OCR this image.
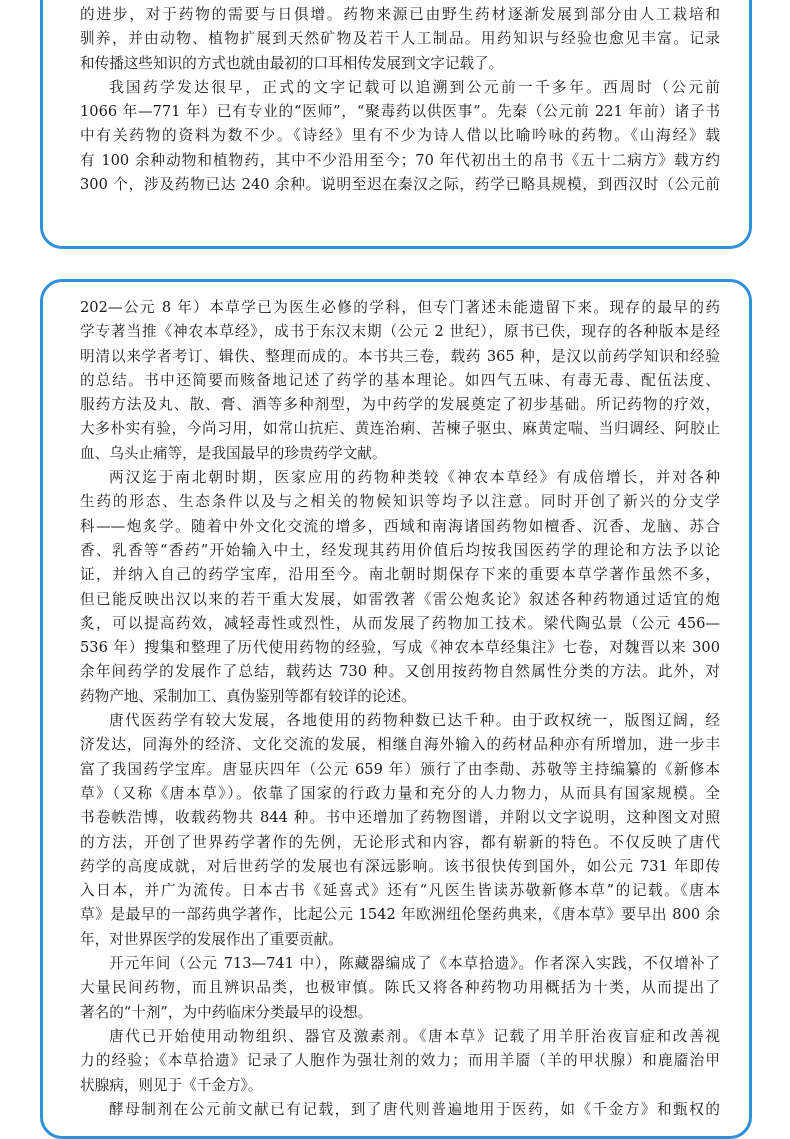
的进步，对于药物的需要与日俱增。药物来源已由野生药材逐渐发展到部分由人工栽培和
驯养，并由动物、植物扩展到天然矿物及若干人工制品。用药知识与经验也愈见丰富。记录
和传播这些知识的方式也就由最初的口耳相传发展到文字记载了。
我国药学发达很早，正式的文字记载可以追溯到公元前一千多年。西周时（公元前
1066 年—771 年）已有专业的“医师”，“聚毒药以供医事”。先秦（公元前 221 年前）诸子书
中有关药物的资料为数不少。《诗经》里有不少为诗人借以比喻吟咏的药物。《山海经》载
有 100 余种动物和植物药，其中不少沿用至今；70 年代初出土的帛书《五十二病方》载方约
300 个，涉及药物已达 240 余种。说明至迟在秦汉之际，药学已略具规模，到西汉时（公元前
202—公元 8 年）本草学已为医生必修的学科，但专门著述未能遗留下来。现存的最早的药
学专著当推《神农本草经》，成书于东汉末期（公元 2 世纪），原书已佚，现存的各种版本是经
明清以来学者考订、辑佚、整理而成的。本书共三卷，载药 365 种，是汉以前药学知识和经验
的总结。书中还简要而赅备地记述了药学的基本理论。如四气五味、有毒无毒、配伍法度、
服药方法及丸、散、膏、酒等多种剂型，为中药学的发展奠定了初步基础。所记药物的疗效，
大多朴实有验，今尚习用，如常山抗疟、黄连治痢、苦楝子驱虫、麻黄定喘、当归调经、阿胶止
血、乌头止痛等，是我国最早的珍贵药学文献。
两汉迄于南北朝时期，医家应用的药物种类较《神农本草经》有成倍增长，并对各种
生药的形态、生态条件以及与之相关的物候知识等均予以注意。同时开创了新兴的分支学
科——炮炙学。随着中外文化交流的增多，西域和南海诸国药物如檀香、沉香、龙脑、苏合
香、乳香等“香药”开始输入中土，经发现其药用价值后均按我国医药学的理论和方法予以论
证，并纳入自己的药学宝库，沿用至今。南北朝时期保存下来的重要本草学著作虽然不多，
但已能反映出汉以来的若干重大发展，如雷敩著《雷公炮炙论》叙述各种药物通过适宜的炮
炙，可以提高药效，减轻毒性或烈性，从而发展了药物加工技术。梁代陶弘景（公元 456—
536 年）搜集和整理了历代使用药物的经验，写成《神农本草经集注》七卷，对魏晋以来 300
余年间药学的发展作了总结，载药达 730 种。又创用按药物自然属性分类的方法。此外，对
药物产地、采制加工、真伪鉴别等都有较详的论述。
唐代医药学有较大发展，各地使用的药物种数已达千种。由于政权统一，版图辽阔，经
济发达，同海外的经济、文化交流的发展，相继自海外输入的药材品种亦有所增加，进一步丰
富了我国药学宝库。唐显庆四年（公元 659 年）颁行了由李勣、苏敬等主持编纂的《新修本
草》（又称《唐本草》）。依靠了国家的行政力量和充分的人力物力，从而具有国家规模。全
书卷帙浩博，收载药物共 844 种。书中还增加了药物图谱，并附以文字说明，这种图文对照
的方法，开创了世界药学著作的先例，无论形式和内容，都有崭新的特色。不仅反映了唐代
药学的高度成就，对后世药学的发展也有深远影响。该书很快传到国外，如公元 731 年即传
入日本，并广为流传。日本古书《延喜式》还有“凡医生皆读苏敬新修本草”的记载。《唐本
草》是最早的一部药典学著作，比起公元 1542 年欧洲纽伦堡药典来，《唐本草》要早出 800 余
年，对世界医学的发展作出了重要贡献。
开元年间（公元 713—741 中），陈藏器编成了《本草拾遗》。作者深入实践，不仅增补了
大量民间药物，而且辨识品类，也极审慎。陈氏又将各种药物功用概括为十类，从而提出了
著名的“十剂”，为中药临床分类最早的设想。
唐代已开始使用动物组织、器官及激素剂。《唐本草》记载了用羊肝治夜盲症和改善视
力的经验；《本草拾遗》记录了人胞作为强壮剂的效力；而用羊靥（羊的甲状腺）和鹿靥治甲
状腺病，则见于《千金方》。
酵母制剂在公元前文献已有记载，到了唐代则普遍地用于医药，如《千金方》和甄权的
